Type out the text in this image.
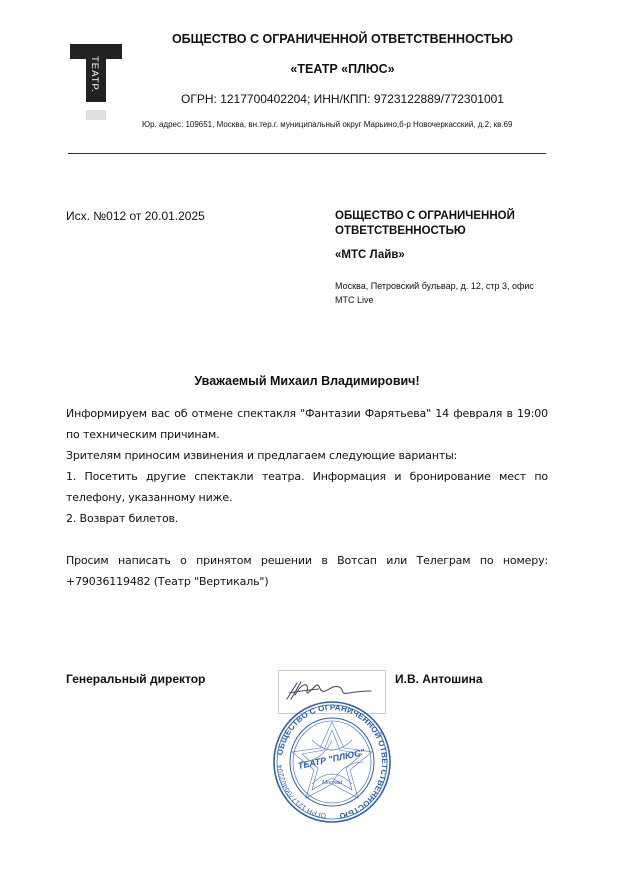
ТЕАТР.
ОБЩЕСТВО С ОГРАНИЧЕННОЙ ОТВЕТСТВЕННОСТЬЮ
«ТЕАТР «ПЛЮС»
ОГРН: 1217700402204; ИНН/КПП: 9723122889/772301001
Юр. адрес: 109651, Москва, вн.тер.г. муниципальный округ Марьино,б-р Новочеркасский, д.2, кв.69
Исх. №012 от 20.01.2025	ОБЩЕСТВО С ОГРАНИЧЕННОЙ ОТВЕТСТВЕННОСТЬЮ
«МТС Лайв»
Москва, Петровский бульвар, д. 12, стр 3, офис МТС Live
Уважаемый Михаил Владимирович!

Информируем вас об отмене спектакля "Фантазии Фарятьева" 14 февраля в 19:00 по техническим причинам.

Зрителям приносим извинения и предлагаем следующие варианты:

1. Посетить другие спектакли театра. Информация и бронирование мест по телефону, указанному ниже.

2. Возврат билетов.

Просим написать о принятом решении в Вотсап или Телеграм по номеру: +79036119482 (Театр "Вертикаль")

Генеральный директор	И.В. Антошина
ОБЩЕСТВО С ОГРАНИЧЕННОЙ ОТВЕТСТВЕННОСТЬЮ
ОГРН 1217700402204	ТЕАТР "ПЛЮС"
Москва
